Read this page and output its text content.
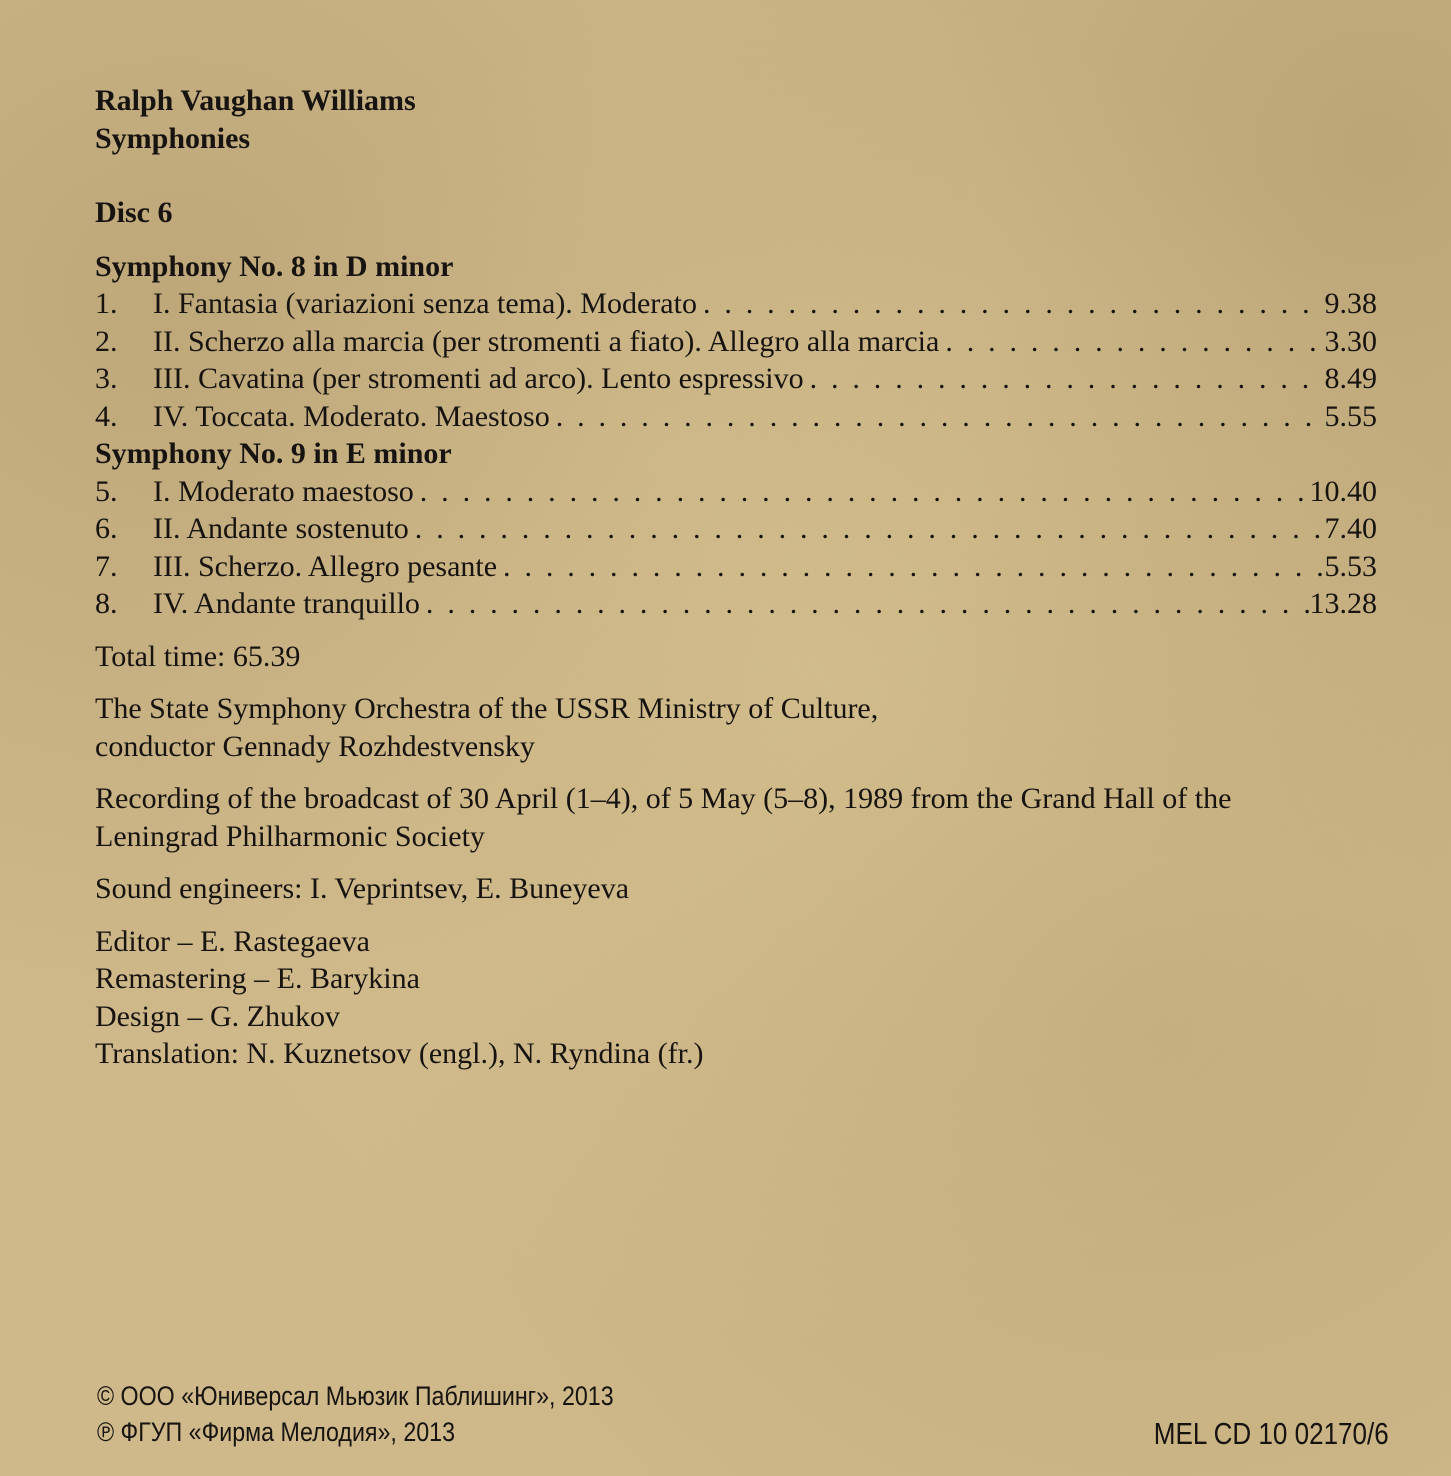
Ralph Vaughan Williams
Symphonies
Disc 6
Symphony No. 8 in D minor
1.	I. Fantasia (variazioni senza tema). Moderato . . .	9.38
2.	II. Scherzo alla marcia (per stromenti a fiato). Allegro alla marcia . . .	3.30
3.	III. Cavatina (per stromenti ad arco). Lento espressivo . . .	8.49
4.	IV. Toccata. Moderato. Maestoso . . .	5.55
Symphony No. 9 in E minor
5.	I. Moderato maestoso . . .	10.40
6.	II. Andante sostenuto . . .	7.40
7.	III. Scherzo. Allegro pesante . . .	5.53
8.	IV. Andante tranquillo . . .	13.28
Total time: 65.39
The State Symphony Orchestra of the USSR Ministry of Culture,
conductor Gennady Rozhdestvensky
Recording of the broadcast of 30 April (1–4), of 5 May (5–8), 1989 from the Grand Hall of the
Leningrad Philharmonic Society
Sound engineers: I. Veprintsev, E. Buneyeva
Editor – E. Rastegaeva
Remastering – E. Barykina
Design – G. Zhukov
Translation: N. Kuznetsov (engl.), N. Ryndina (fr.)
© ООО «Юниверсал Мьюзик Паблишинг», 2013
℗ ФГУП «Фирма Мелодия», 2013	MEL CD 10 02170/6
